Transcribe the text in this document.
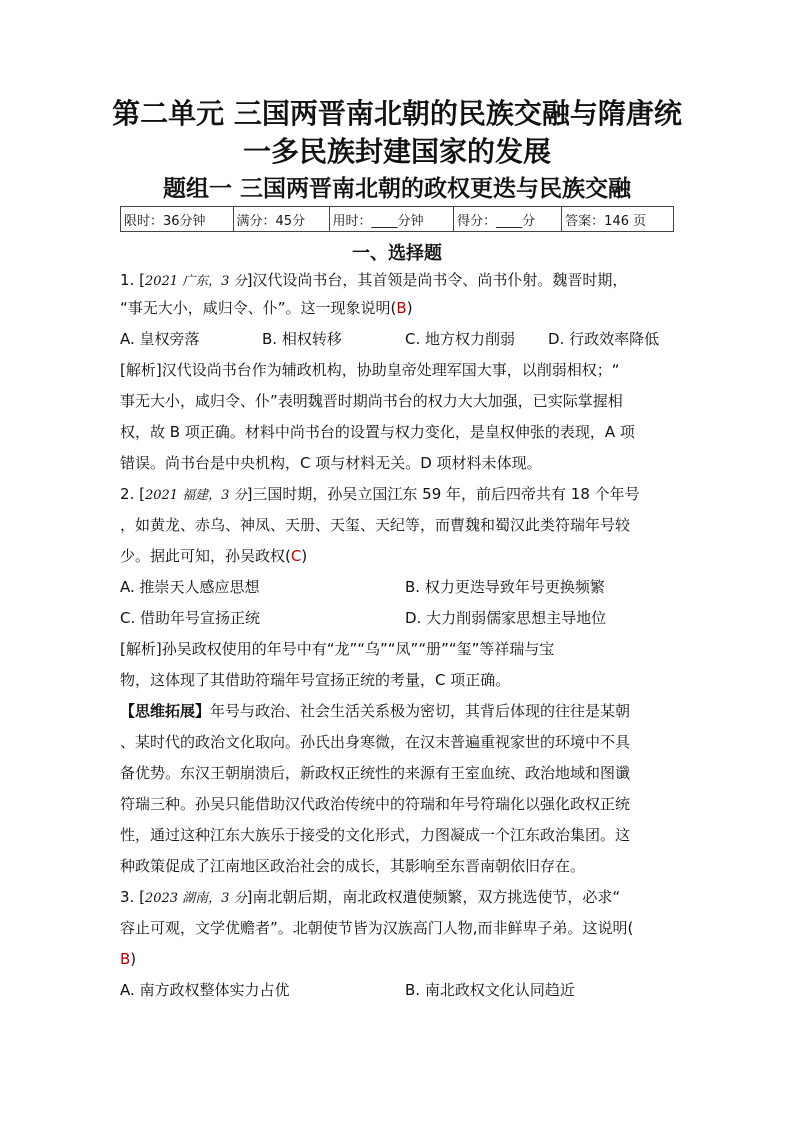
第二单元 三国两晋南北朝的民族交融与隋唐统
一多民族封建国家的发展
题组一 三国两晋南北朝的政权更迭与民族交融
限时：36分钟	满分：45分	用时：____分钟	得分：____分	答案：146 页
一、选择题
1. [2021 广东，3 分]汉代设尚书台，其首领是尚书令、尚书仆射。魏晋时期，
“事无大小，咸归令、仆”。这一现象说明(B)
A. 皇权旁落	B. 相权转移	C. 地方权力削弱 D. 行政效率降低
[解析]汉代设尚书台作为辅政机构，协助皇帝处理军国大事，以削弱相权；“
事无大小，咸归令、仆”表明魏晋时期尚书台的权力大大加强，已实际掌握相
权，故 B 项正确。材料中尚书台的设置与权力变化，是皇权伸张的表现，A 项
错误。尚书台是中央机构，C 项与材料无关。D 项材料未体现。
2. [2021 福建，3 分]三国时期，孙吴立国江东 59 年，前后四帝共有 18 个年号
，如黄龙、赤乌、神凤、天册、天玺、天纪等，而曹魏和蜀汉此类符瑞年号较
少。据此可知，孙吴政权(C)
A. 推崇天人感应思想	B. 权力更迭导致年号更换频繁
C. 借助年号宣扬正统	D. 大力削弱儒家思想主导地位
[解析]孙吴政权使用的年号中有“龙”“乌”“凤”“册”“玺”等祥瑞与宝
物，这体现了其借助符瑞年号宣扬正统的考量，C 项正确。
【思维拓展】年号与政治、社会生活关系极为密切，其背后体现的往往是某朝
、某时代的政治文化取向。孙氏出身寒微，在汉末普遍重视家世的环境中不具
备优势。东汉王朝崩溃后，新政权正统性的来源有王室血统、政治地域和图谶
符瑞三种。孙吴只能借助汉代政治传统中的符瑞和年号符瑞化以强化政权正统
性，通过这种江东大族乐于接受的文化形式，力图凝成一个江东政治集团。这
种政策促成了江南地区政治社会的成长，其影响至东晋南朝依旧存在。
3. [2023 湖南，3 分]南北朝后期，南北政权遣使频繁，双方挑选使节，必求“
容止可观，文学优赡者”。北朝使节皆为汉族高门人物,而非鲜卑子弟。这说明(
B)
A. 南方政权整体实力占优	B. 南北政权文化认同趋近
